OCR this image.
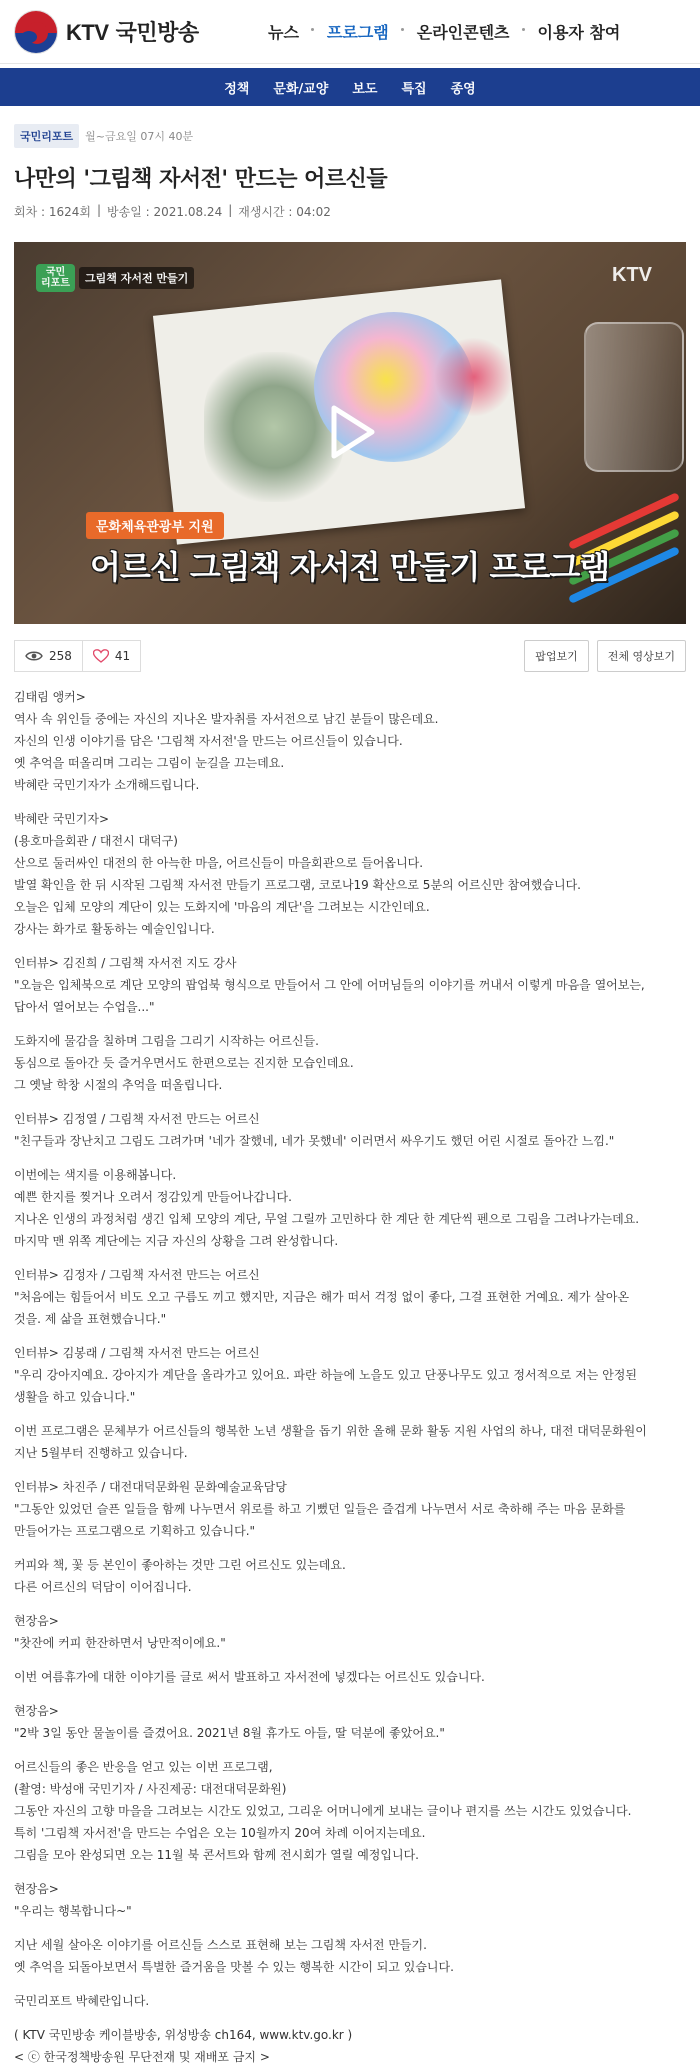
KTV 국민방송	뉴스	프로그램	온라인콘텐츠	이용자 참여
정책 문화/교양 보도 특집 종영
국민리포트	월~금요일 07시 40분
나만의 '그림책 자서전' 만드는 어르신들
회차 : 1624회 | 방송일 : 2021.08.24 | 재생시간 : 04:02
KTV
국민
리포트	그림책 자서전 만들기
문화체육관광부 지원
어르신 그림책 자서전 만들기 프로그램
258	41	팝업보기	전체 영상보기
김태림 앵커>
역사 속 위인들 중에는 자신의 지나온 발자취를 자서전으로 남긴 분들이 많은데요.
자신의 인생 이야기를 담은 '그림책 자서전'을 만드는 어르신들이 있습니다.
옛 추억을 떠올리며 그리는 그림이 눈길을 끄는데요.
박혜란 국민기자가 소개해드립니다.
박혜란 국민기자>
(용호마을회관 / 대전시 대덕구)
산으로 둘러싸인 대전의 한 아늑한 마을, 어르신들이 마을회관으로 들어옵니다.
발열 확인을 한 뒤 시작된 그림책 자서전 만들기 프로그램, 코로나19 확산으로 5분의 어르신만 참여했습니다.
오늘은 입체 모양의 계단이 있는 도화지에 '마음의 계단'을 그려보는 시간인데요.
강사는 화가로 활동하는 예술인입니다.
인터뷰> 김진희 / 그림책 자서전 지도 강사
"오늘은 입체북으로 계단 모양의 팝업북 형식으로 만들어서 그 안에 어머님들의 이야기를 꺼내서 이렇게 마음을 열어보는,
답아서 열어보는 수업을..."
도화지에 물감을 칠하며 그림을 그리기 시작하는 어르신들.
동심으로 돌아간 듯 즐거우면서도 한편으로는 진지한 모습인데요.
그 옛날 학창 시절의 추억을 떠올립니다.
인터뷰> 김정열 / 그림책 자서전 만드는 어르신
"친구들과 장난치고 그림도 그려가며 '네가 잘했네, 네가 못했네' 이러면서 싸우기도 했던 어린 시절로 돌아간 느낌."
이번에는 색지를 이용해봅니다.
예쁜 한지를 찢거나 오려서 정감있게 만들어나갑니다.
지나온 인생의 과정처럼 생긴 입체 모양의 계단, 무얼 그릴까 고민하다 한 계단 한 계단씩 펜으로 그림을 그려나가는데요.
마지막 맨 위쪽 계단에는 지금 자신의 상황을 그려 완성합니다.
인터뷰> 김정자 / 그림책 자서전 만드는 어르신
"처음에는 힘들어서 비도 오고 구름도 끼고 했지만, 지금은 해가 떠서 걱정 없이 좋다, 그걸 표현한 거예요. 제가 살아온
것을. 제 삶을 표현했습니다."
인터뷰> 김봉래 / 그림책 자서전 만드는 어르신
"우리 강아지예요. 강아지가 계단을 올라가고 있어요. 파란 하늘에 노을도 있고 단풍나무도 있고 정서적으로 저는 안정된
생활을 하고 있습니다."
이번 프로그램은 문체부가 어르신들의 행복한 노년 생활을 돕기 위한 올해 문화 활동 지원 사업의 하나, 대전 대덕문화원이
지난 5월부터 진행하고 있습니다.
인터뷰> 차진주 / 대전대덕문화원 문화예술교육담당
"그동안 있었던 슬픈 일들을 함께 나누면서 위로를 하고 기뻤던 일들은 즐겁게 나누면서 서로 축하해 주는 마음 문화를
만들어가는 프로그램으로 기획하고 있습니다."
커피와 책, 꽃 등 본인이 좋아하는 것만 그린 어르신도 있는데요.
다른 어르신의 덕담이 이어집니다.
현장음>
"찻잔에 커피 한잔하면서 낭만적이에요."
이번 여름휴가에 대한 이야기를 글로 써서 발표하고 자서전에 넣겠다는 어르신도 있습니다.
현장음>
"2박 3일 동안 물놀이를 즐겼어요. 2021년 8월 휴가도 아들, 딸 덕분에 좋았어요."
어르신들의 좋은 반응을 얻고 있는 이번 프로그램,
(촬영: 박성애 국민기자 / 사진제공: 대전대덕문화원)
그동안 자신의 고향 마을을 그려보는 시간도 있었고, 그리운 어머니에게 보내는 글이나 편지를 쓰는 시간도 있었습니다.
특히 '그림책 자서전'을 만드는 수업은 오는 10월까지 20여 차례 이어지는데요.
그림을 모아 완성되면 오는 11월 북 콘서트와 함께 전시회가 열릴 예정입니다.
현장음>
"우리는 행복합니다~"
지난 세월 살아온 이야기를 어르신들 스스로 표현해 보는 그림책 자서전 만들기.
옛 추억을 되돌아보면서 특별한 즐거움을 맛볼 수 있는 행복한 시간이 되고 있습니다.
국민리포트 박혜란입니다.
( KTV 국민방송 케이블방송, 위성방송 ch164, www.ktv.go.kr )
< ⓒ 한국정책방송원 무단전재 및 재배포 금지 >
